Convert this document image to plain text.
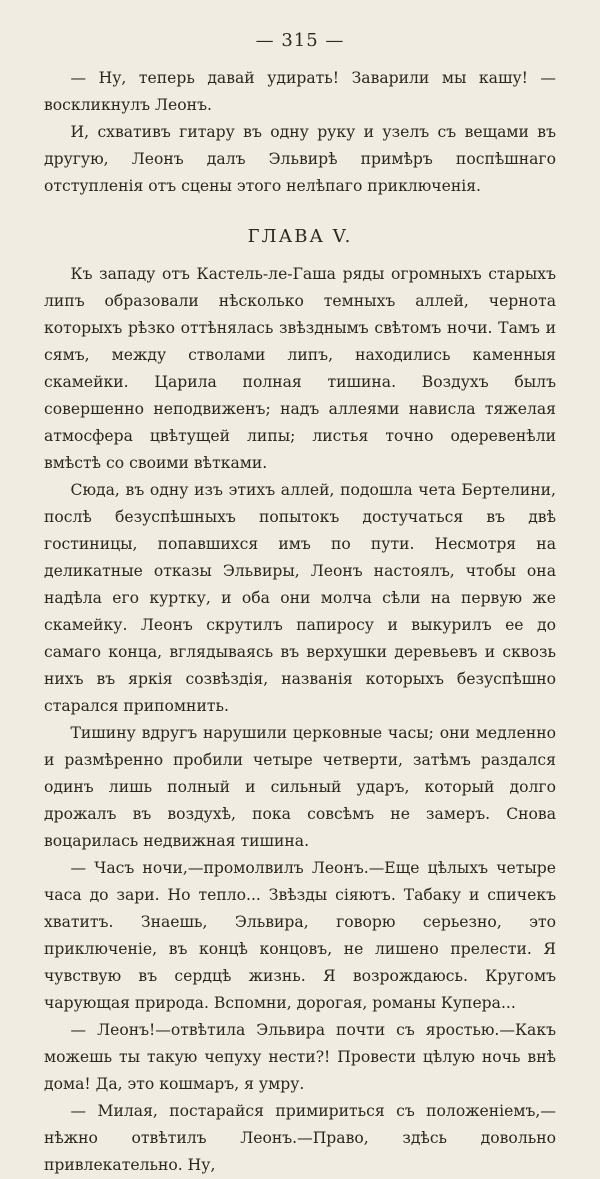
— 315 —

— Ну, теперь давай удирать! Заварили мы кашу! — воскликнулъ Леонъ.

И, схвативъ гитару въ одну руку и узелъ съ вещами въ другую, Леонъ далъ Эльвирѣ примѣръ поспѣшнаго отступленія отъ сцены этого нелѣпаго приключенія.

ГЛАВА V.

Къ западу отъ Кастель-ле-Гаша ряды огромныхъ старыхъ липъ образовали нѣсколько темныхъ аллей, чернота которыхъ рѣзко оттѣнялась звѣзднымъ свѣтомъ ночи. Тамъ и сямъ, между стволами липъ, находились каменныя скамейки. Царила полная тишина. Воздухъ былъ совершенно неподвиженъ; надъ аллеями нависла тяжелая атмосфера цвѣтущей липы; листья точно одеревенѣли вмѣстѣ со своими вѣтками.

Сюда, въ одну изъ этихъ аллей, подошла чета Бертелини, послѣ безуспѣшныхъ попытокъ достучаться въ двѣ гостиницы, попавшихся имъ по пути. Несмотря на деликатные отказы Эльвиры, Леонъ настоялъ, чтобы она надѣла его куртку, и оба они молча сѣли на первую же скамейку. Леонъ скрутилъ папиросу и выкурилъ ее до самаго конца, вглядываясь въ верхушки деревьевъ и сквозь нихъ въ яркія созвѣздія, названія которыхъ безуспѣшно старался припомнить.

Тишину вдругъ нарушили церковные часы; они медленно и размѣренно пробили четыре четверти, затѣмъ раздался одинъ лишь полный и сильный ударъ, который долго дрожалъ въ воздухѣ, пока совсѣмъ не замеръ. Снова воцарилась недвижная тишина.

— Часъ ночи,—промолвилъ Леонъ.—Еще цѣлыхъ четыре часа до зари. Но тепло... Звѣзды сіяютъ. Табаку и спичекъ хватитъ. Знаешь, Эльвира, говорю серьезно, это приключеніе, въ концѣ концовъ, не лишено прелести. Я чувствую въ сердцѣ жизнь. Я возрождаюсь. Кругомъ чарующая природа. Вспомни, дорогая, романы Купера...

— Леонъ!—отвѣтила Эльвира почти съ яростью.—Какъ можешь ты такую чепуху нести?! Провести цѣлую ночь внѣ дома! Да, это кошмаръ, я умру.

— Милая, постарайся примириться съ положеніемъ,—нѣжно отвѣтилъ Леонъ.—Право, здѣсь довольно привлекательно. Ну,
